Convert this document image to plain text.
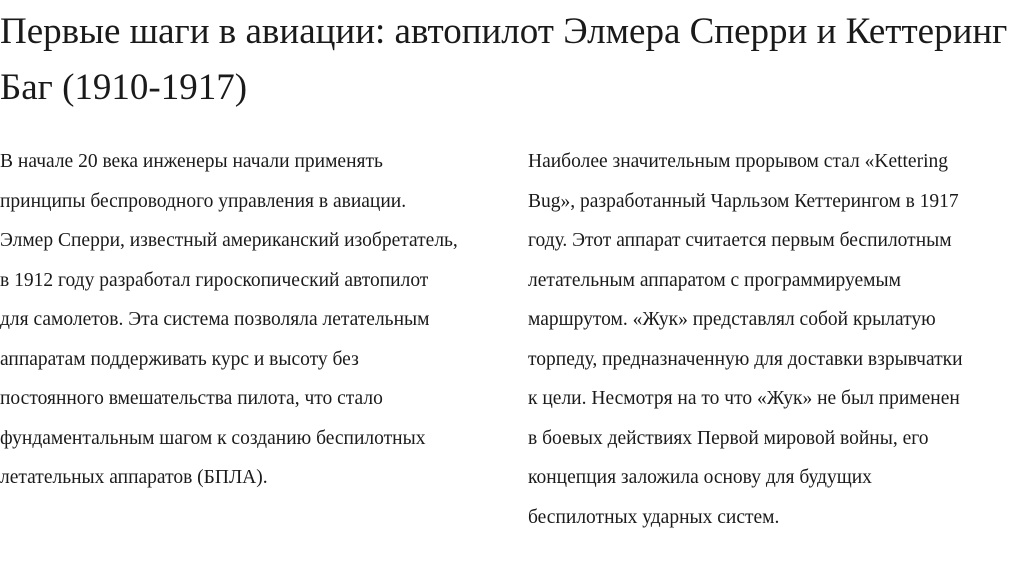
Первые шаги в авиации: автопилот Элмера Сперри и Кеттеринг
Баг (1910-1917)
В начале 20 века инженеры начали применять
принципы беспроводного управления в авиации.
Элмер Сперри, известный американский изобретатель,
в 1912 году разработал гироскопический автопилот
для самолетов. Эта система позволяла летательным
аппаратам поддерживать курс и высоту без
постоянного вмешательства пилота, что стало
фундаментальным шагом к созданию беспилотных
летательных аппаратов (БПЛА).
Наиболее значительным прорывом стал «Kettering
Bug», разработанный Чарльзом Кеттерингом в 1917
году. Этот аппарат считается первым беспилотным
летательным аппаратом с программируемым
маршрутом. «Жук» представлял собой крылатую
торпеду, предназначенную для доставки взрывчатки
к цели. Несмотря на то что «Жук» не был применен
в боевых действиях Первой мировой войны, его
концепция заложила основу для будущих
беспилотных ударных систем.
